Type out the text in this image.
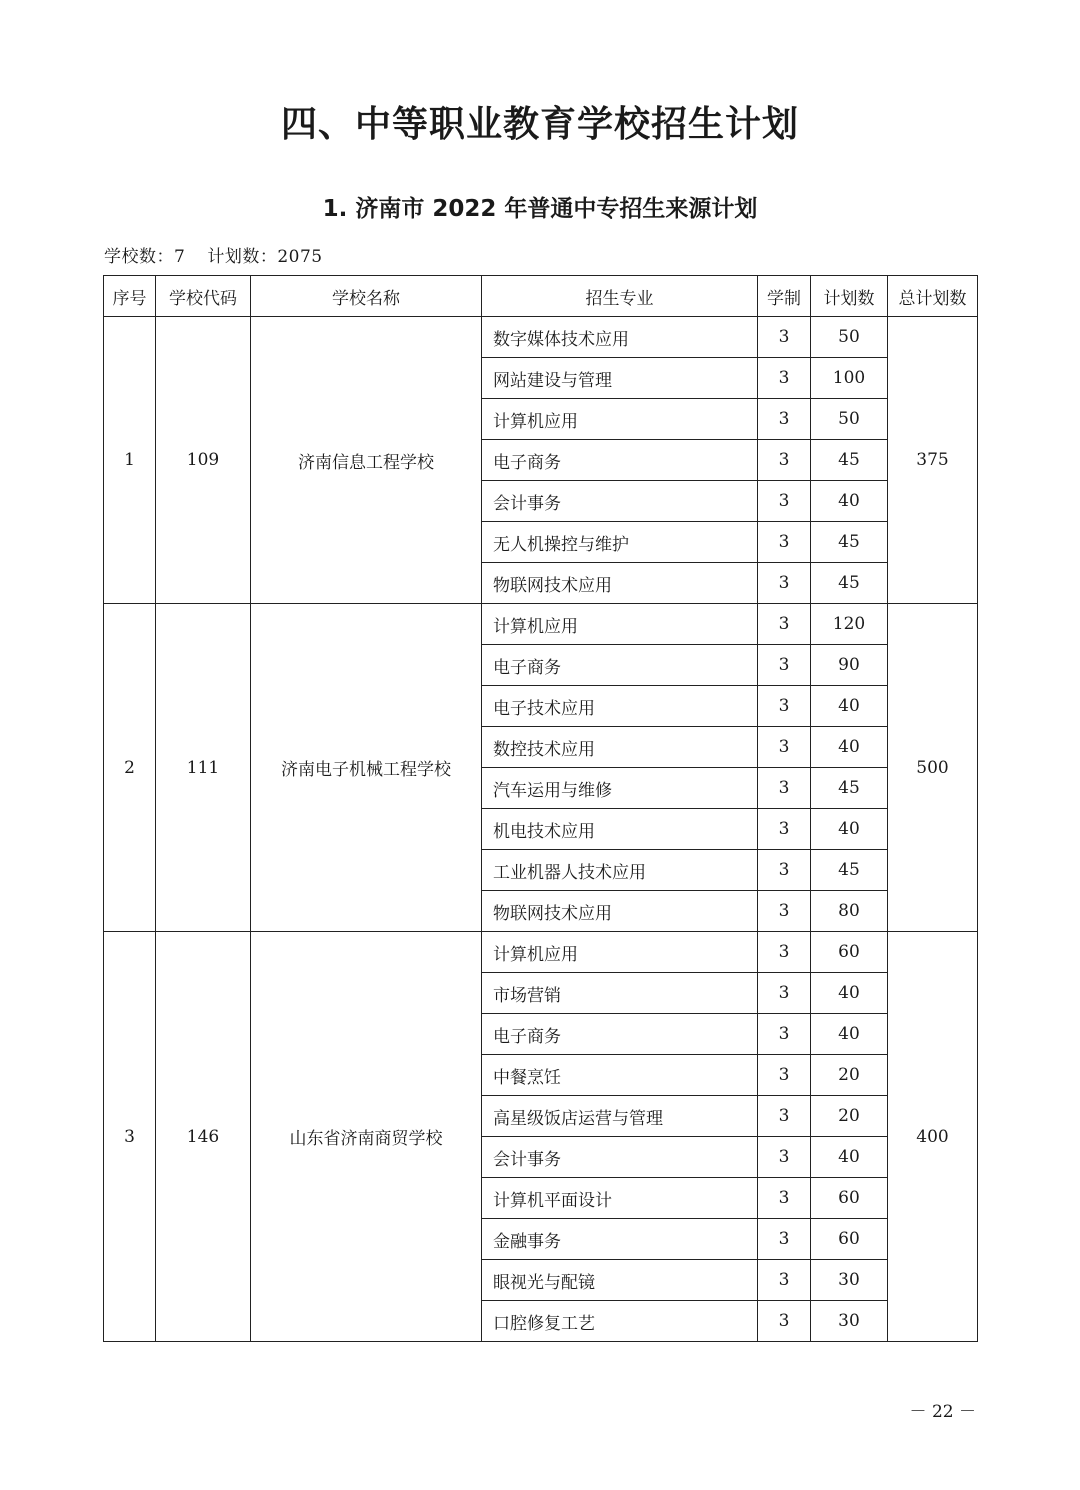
四、中等职业教育学校招生计划
1. 济南市 2022 年普通中专招生来源计划
学校数：7 计划数：2075
序号	学校代码	学校名称	招生专业	学制	计划数	总计划数
1	109	济南信息工程学校	数字媒体技术应用	3	50	375
			网站建设与管理	3	100	
			计算机应用	3	50	
			电子商务	3	45	
			会计事务	3	40	
			无人机操控与维护	3	45	
			物联网技术应用	3	45	
2	111	济南电子机械工程学校	计算机应用	3	120	500
			电子商务	3	90	
			电子技术应用	3	40	
			数控技术应用	3	40	
			汽车运用与维修	3	45	
			机电技术应用	3	40	
			工业机器人技术应用	3	45	
			物联网技术应用	3	80	
3	146	山东省济南商贸学校	计算机应用	3	60	400
			市场营销	3	40	
			电子商务	3	40	
			中餐烹饪	3	20	
			高星级饭店运营与管理	3	20	
			会计事务	3	40	
			计算机平面设计	3	60	
			金融事务	3	60	
			眼视光与配镜	3	30	
			口腔修复工艺	3	30	
－ 22 －
